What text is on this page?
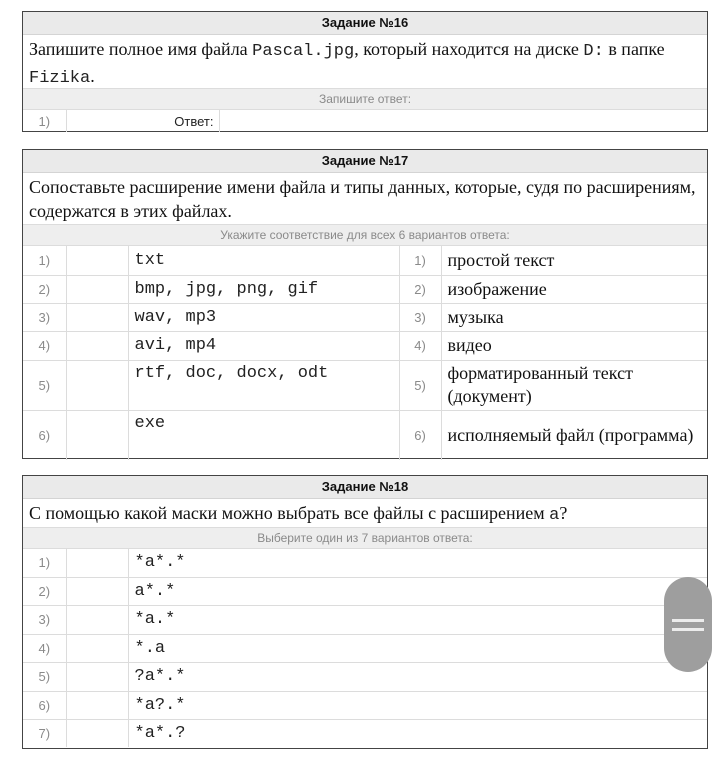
Задание №16
Запишите полное имя файла Pascal.jpg, который находится на диске D: в папке Fizika.
Запишите ответ:
1)	Ответ:	
Задание №17
Сопоставьте расширение имени файла и типы данных, которые, судя по расширениям, содержатся в этих файлах.
Укажите соответствие для всех 6 вариантов ответа:
1)		txt	1)	простой текст
2)		bmp, jpg, png, gif	2)	изображение
3)		wav, mp3	3)	музыка
4)		avi, mp4	4)	видео
5)		rtf, doc, docx, odt	5)	форматированный текст (документ)
6)		exe	6)	исполняемый файл (программа)
Задание №18
С помощью какой маски можно выбрать все файлы с расширением a?
Выберите один из 7 вариантов ответа:
1)		*a*.*
2)		a*.*
3)		*a.*
4)		*.a
5)		?a*.*
6)		*a?.*
7)		*a*.?
